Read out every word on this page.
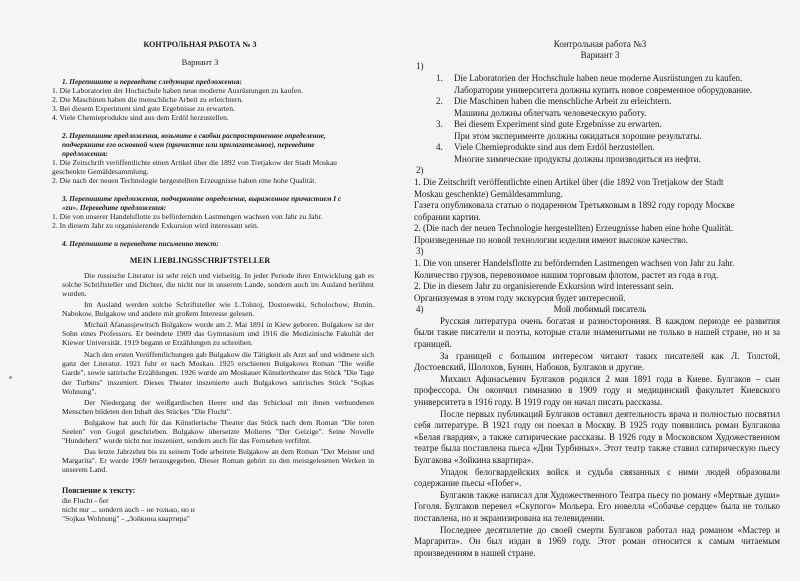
КОНТРОЛЬНАЯ РАБОТА № 3
Вариант 3
1. Перепишите и переведите следующие предложения:
1. Die Laboratorien der Hochschule haben neue moderne Ausrüstungen zu kaufen.
2. Die Maschinen haben die menschliche Arbeit zu erleichtern.
3. Bei diesem Experiment sind gute Ergebnisse zu erwarten.
4. Viele Chemieprodukte sind aus dem Erdöl herzustellen.
2. Перепишите предложения, возьмите в скобки распространенное определение,
подчеркните его основной член (причастие или прилагательное), переведите
предложения:
1. Die Zeitschrift veröffentlichte einen Artikel über die 1892 von Tretjakow der Stadt Moskau
geschenkte Gemäldesammlung.
2. Die nach der neuen Technologie hergestellten Erzeugnisse haben eine hohe Qualität.
3. Перепишите предложения, подчеркните определение, выраженное причастием I с
«zu». Переведите предложения:
1. Die von unserer Handelsflotte zu befördernden Lastmengen wachsen von Jahr zu Jahr.
2. In diesem Jahr zu organisierende Exkursion wird interessant sein.
4. Перепишите и переведите письменно текст:
MEIN LIEBLINGSSCHRIFTSTELLER
Die russische Literatur ist sehr reich und vielseitig. In jeder Periode ihrer Entwicklung gab es solche Schriftsteller und Dichter, die nicht nur in unserem Lande, sondern auch im Ausland berühmt wurden.
Im Ausland werden solche Schriftsteller wie L.Tolstoj, Dostoewski, Scholochow, Bunin, Nabokow, Bulgakow und andere mit großem Interesse gelesen.
Michail Afanassjewitsch Bulgakow wurde am 2. Mai 1891 in Kiew geboren. Bulgakow ist der Sohn eines Professors. Er beendete 1909 das Gymnasium und 1916 die Medizinische Fakultät der Kiewer Universität. 1919 begann er Erzählungen zu schreiben.
Nach den ersten Veröffentlichungen gab Bulgakow die Tätigkeit als Arzt auf und widmete sich ganz der Literatur. 1921 fuhr er nach Moskau. 1925 erschienen Bulgakows Roman "Die weiße Garde", sowie satirische Erzählungen. 1926 wurde am Moskauer Künstlertheater das Stück "Die Tage der Turbins" inszeniert. Dieses Theater inszenierte auch Bulgakows satirisches Stück "Sojkas Wohnung".
Der Niedergang der weißgardischen Heere und das Schicksal mit ihnen verbundenen Menschen bildeten den Inhalt des Stückes "Die Flucht".
Bulgakow hat auch für das Künstlerische Theater das Stück nach dem Roman "Die toten Seelen" von Gogol geschrieben. Bulgakow übersetzte Molieres "Der Geizige". Seine Novelle "Hundeherz" wurde nicht nur inszeniert, sondern auch für das Fernsehen verfilmt.
Das letzte Jahrzehnt bis zu seinem Tode arbeitete Bulgakow an dem Roman "Der Meister und Margarita". Er wurde 1969 herausgegeben. Dieser Roman gehört zu den meistgelesenen Werken in unserem Land.
Пояснение к тексту:
die Flucht - бег
nicht nur ... sondern auch – не только, но и
"Sojkas Wohnung" - „Зойкина квартира"
Контрольная работа №3
Вариант 3
1)
1. Die Laboratorien der Hochschule haben neue moderne Ausrüstungen zu kaufen.
Лаборатории университета должны купить новое современное оборудование.
2. Die Maschinen haben die menschliche Arbeit zu erleichtern.
Машины должны облегчать человеческую работу.
3. Bei diesem Experiment sind gute Ergebnisse zu erwarten.
При этом эксперименте должны ожидаться хорошие результаты.
4. Viele Chemieprodukte sind aus dem Erdöl herzustellen.
Многие химические продукты должны производиться из нефти.
2)
1. Die Zeitschrift veröffentlichte einen Artikel über (die 1892 von Tretjakow der Stadt
Moskau geschenkte) Gemäldesammlung.
Газета опубликовала статью о подаренном Третьяковым в 1892 году городу Москве
собрании картин.
2. (Die nach der neuen Technologie hergestellten) Erzeugnisse haben eine hohe Qualität.
Произведенные по новой технологии изделия имеют высокое качество.
3)
1. Die von unserer Handelsflotte zu befördernden Lastmengen wachsen von Jahr zu Jahr.
Количество грузов, перевозимое нашим торговым флотом, растет из года в год.
2. Die in diesem Jahr zu organisierende Exkursion wird interessant sein.
Организуемая в этом году экскурсия будет интересной.
4)	Мой любимый писатель
Русская литература очень богатая и разносторонняя. В каждом периоде ее развития были такие писатели и поэты, которые стали знаменитыми не только в нашей стране, но и за границей.
За границей с большим интересом читают таких писателей как Л. Толстой, Достоевский, Шолохов, Бунин, Набоков, Булгаков и другие.
Михаил Афанасьевич Булгаков родился 2 мая 1891 года в Киеве. Булгаков – сын профессора. Он окончил гимназию в 1909 году и медицинский факультет Киевского университета в 1916 году. В 1919 году он начал писать рассказы.
После первых публикаций Булгаков оставил деятельность врача и полностью посвятил себя литературе. В 1921 году он поехал в Москву. В 1925 году появились роман Булгакова «Белая гвардия», а также сатирические рассказы. В 1926 году в Московском Художественном театре была поставлена пьеса «Дни Турбиных». Этот театр также ставил сатирическую пьесу Булгакова «Зойкина квартира».
Упадок белогвардейских войск и судьба связанных с ними людей образовали содержание пьесы «Побег».
Булгаков также написал для Художественного Театра пьесу по роману «Мертвые души» Гоголя. Булгаков перевел «Скупого» Мольера. Его новелла «Собачье сердце» была не только поставлена, но и экранизирована на телевидении.
Последнее десятилетие до своей смерти Булгаков работал над романом «Мастер и Маргарита». Он был издан в 1969 году. Этот роман относится к самым читаемым произведениям в нашей стране.
